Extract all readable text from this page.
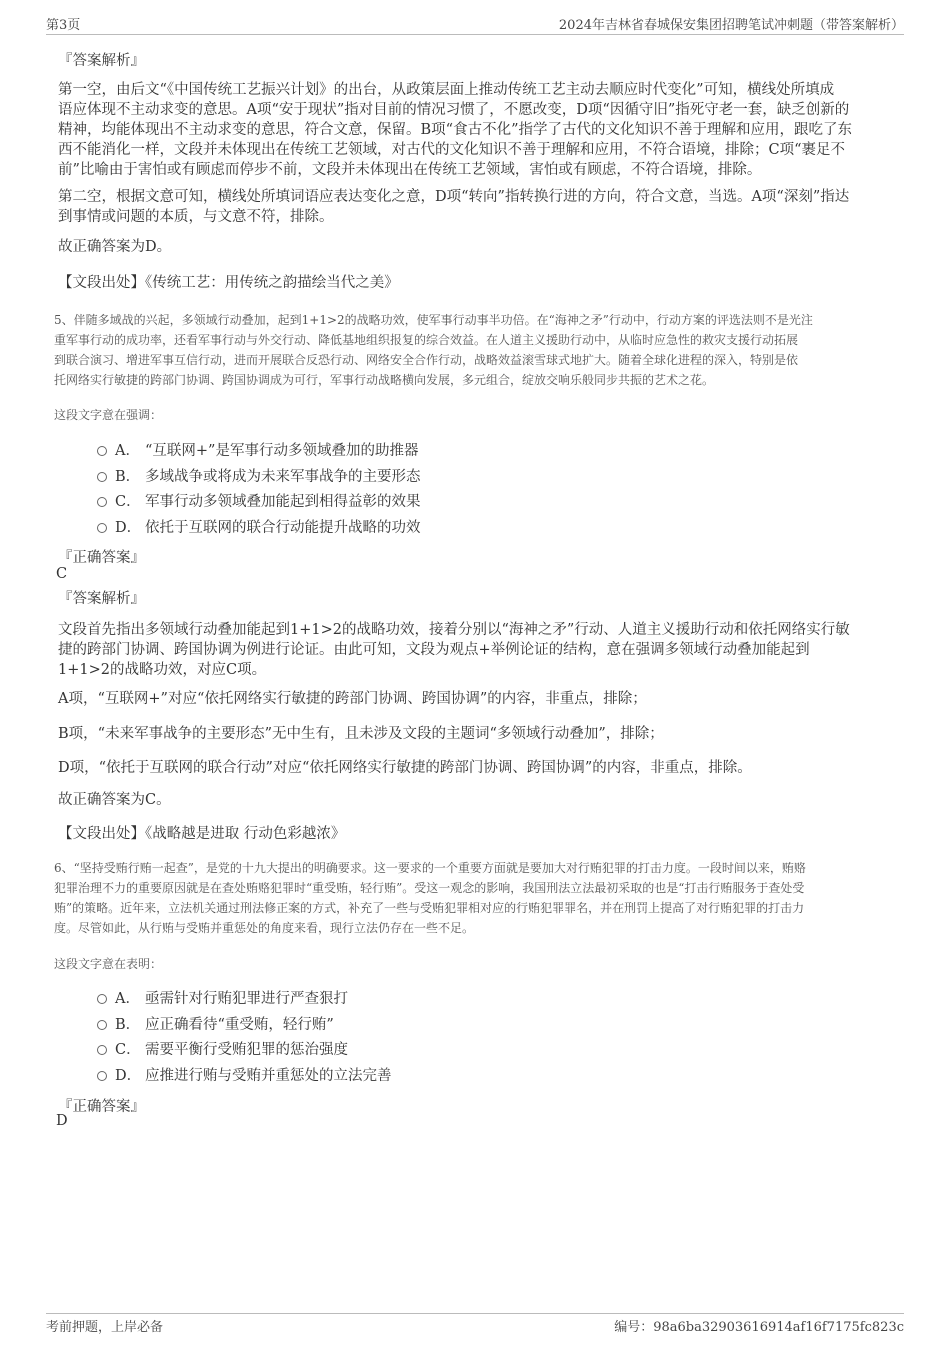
第3页	2024年吉林省春城保安集团招聘笔试冲刺题（带答案解析）
『答案解析』

第一空，由后文“《中国传统工艺振兴计划》的出台，从政策层面上推动传统工艺主动去顺应时代变化”可知，横线处所填成

语应体现不主动求变的意思。A项“安于现状”指对目前的情况习惯了，不愿改变，D项“因循守旧”指死守老一套，缺乏创新的

精神，均能体现出不主动求变的意思，符合文意，保留。B项“食古不化”指学了古代的文化知识不善于理解和应用，跟吃了东

西不能消化一样，文段并未体现出在传统工艺领域，对古代的文化知识不善于理解和应用，不符合语境，排除；C项“裹足不

前”比喻由于害怕或有顾虑而停步不前，文段并未体现出在传统工艺领域，害怕或有顾虑，不符合语境，排除。

第二空，根据文意可知，横线处所填词语应表达变化之意，D项“转向”指转换行进的方向，符合文意，当选。A项“深刻”指达

到事情或问题的本质，与文意不符，排除。

故正确答案为D。
【文段出处】《传统工艺：用传统之韵描绘当代之美》
5、伴随多域战的兴起，多领域行动叠加，起到1+1>2的战略功效，使军事行动事半功倍。在“海神之矛”行动中，行动方案的评选法则不是光注
重军事行动的成功率，还看军事行动与外交行动、降低基地组织报复的综合效益。在人道主义援助行动中，从临时应急性的救灾支援行动拓展
到联合演习、增进军事互信行动，进而开展联合反恐行动、网络安全合作行动，战略效益滚雪球式地扩大。随着全球化进程的深入，特别是依
托网络实行敏捷的跨部门协调、跨国协调成为可行，军事行动战略横向发展，多元组合，绽放交响乐般同步共振的艺术之花。
这段文字意在强调：
A． “互联网+”是军事行动多领域叠加的助推器
B． 多域战争或将成为未来军事战争的主要形态
C． 军事行动多领域叠加能起到相得益彰的效果
D． 依托于互联网的联合行动能提升战略的功效
『正确答案』
C
『答案解析』

文段首先指出多领域行动叠加能起到1+1>2的战略功效，接着分别以“海神之矛”行动、人道主义援助行动和依托网络实行敏

捷的跨部门协调、跨国协调为例进行论证。由此可知，文段为观点+举例论证的结构，意在强调多领域行动叠加能起到

1+1>2的战略功效，对应C项。

A项，“互联网+”对应“依托网络实行敏捷的跨部门协调、跨国协调”的内容，非重点，排除；
B项，“未来军事战争的主要形态”无中生有，且未涉及文段的主题词“多领域行动叠加”，排除；
D项，“依托于互联网的联合行动”对应“依托网络实行敏捷的跨部门协调、跨国协调”的内容，非重点，排除。
故正确答案为C。
【文段出处】《战略越是进取 行动色彩越浓》
6、“坚持受贿行贿一起查”，是党的十九大提出的明确要求。这一要求的一个重要方面就是要加大对行贿犯罪的打击力度。一段时间以来，贿赂
犯罪治理不力的重要原因就是在查处贿赂犯罪时“重受贿，轻行贿”。受这一观念的影响，我国刑法立法最初采取的也是“打击行贿服务于查处受
贿”的策略。近年来，立法机关通过刑法修正案的方式，补充了一些与受贿犯罪相对应的行贿犯罪罪名，并在刑罚上提高了对行贿犯罪的打击力
度。尽管如此，从行贿与受贿并重惩处的角度来看，现行立法仍存在一些不足。
这段文字意在表明：
A． 亟需针对行贿犯罪进行严查狠打
B． 应正确看待“重受贿，轻行贿”
C． 需要平衡行受贿犯罪的惩治强度
D． 应推进行贿与受贿并重惩处的立法完善
『正确答案』
D
考前押题，上岸必备	编号：98a6ba32903616914af16f7175fc823c
